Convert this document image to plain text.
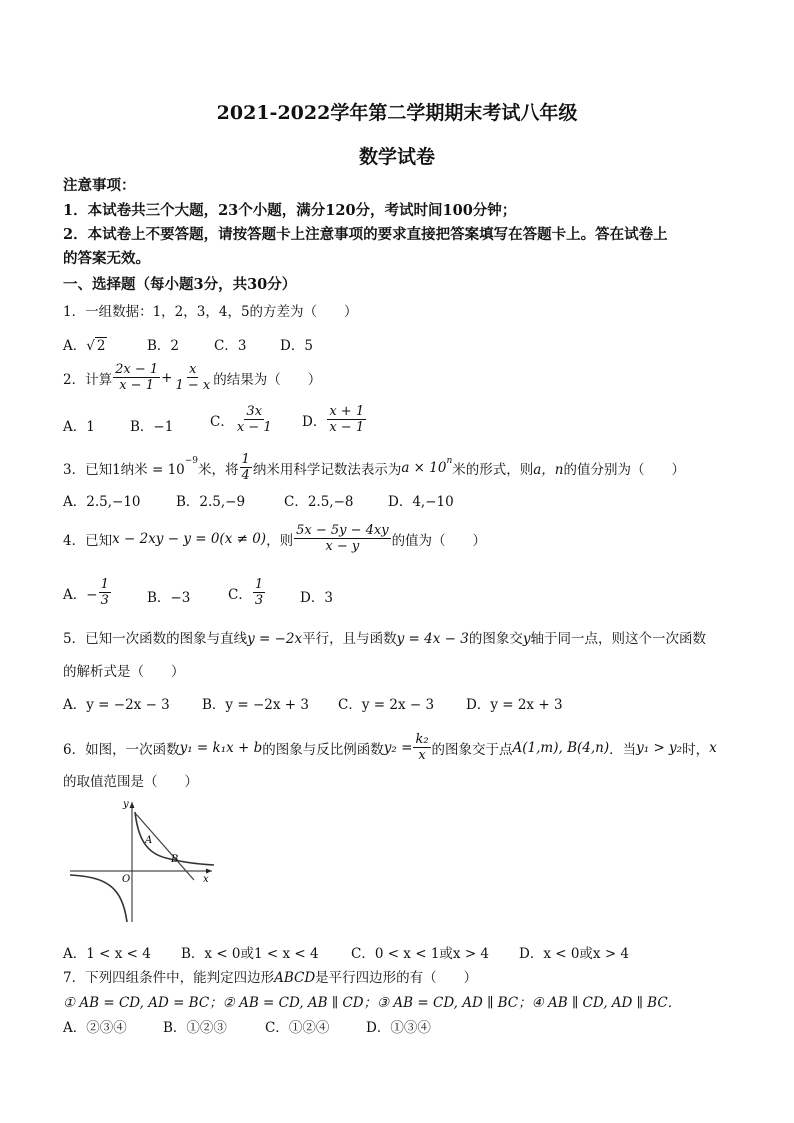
2021-2022学年第二学期期末考试八年级
数学试卷
注意事项：
1．本试卷共三个大题，23个小题，满分120分，考试时间100分钟；
2．本试卷上不要答题，请按答题卡上注意事项的要求直接把答案填写在答题卡上。答在试卷上
的答案无效。
一、选择题（每小题3分，共30分）
1．一组数据：1，2，3，4，5的方差为（　　）
A．√ 2	B．2	C．3 D．5
2．计算 $\frac{2x - 1}{x - 1} + \frac{x}{1 - x}$ 的结果为（　　）
A．1	B．−1	C． $\frac{3x}{x - 1}$ D． $\frac{x + 1}{x - 1}$
3．已知1纳米 = 10
$^{-9}$
米，将 $\frac{1}{4}$ 纳米用科学记数法表示为 $a \times 10^n$
米的形式，则 a，n 的值分别为（　　）
A．2.5,−10	B．2.5,−9	C．2.5,−8	D．4,−10
4．已知 x − 2xy − y = 0(x ≠ 0) ，则 $\frac{5x - 5y - 4xy}{x - y}$ 的值为（　　）
A．− $\frac{1}{3}$	B．−3	C． $\frac{1}{3}$	D．3
5．已知一次函数的图象与直线y = −2x平行，且与函数y = 4x − 3的图象交y轴于同一点，则这个一次函数
的解析式是（　　）
A．y = −2x − 3 B．y = −2x + 3 C．y = 2x − 3 D．y = 2x + 3
6．如图，一次函数 y₁ = k₁x + b 的图象与反比例函数 $y_2 = \frac{\text{k₂}}{x}$ 的图象交于点 A(1,m), B(4,n) ．当 y₁ > y₂ 时， x
的取值范围是（　　）
y
x
O
A
B
A．1 < x < 4 B．x < 0或1 < x < 4 C．0 < x < 1或x > 4 D．x < 0或x > 4
7．下列四组条件中，能判定四边形ABCD是平行四边形的有（　　）
① AB = CD, AD = BC；② AB = CD, AB ∥ CD；③ AB = CD, AD ∥ BC；④ AB ∥ CD, AD ∥ BC．
A．②③④	B．①②③	C．①②④	D．①③④
